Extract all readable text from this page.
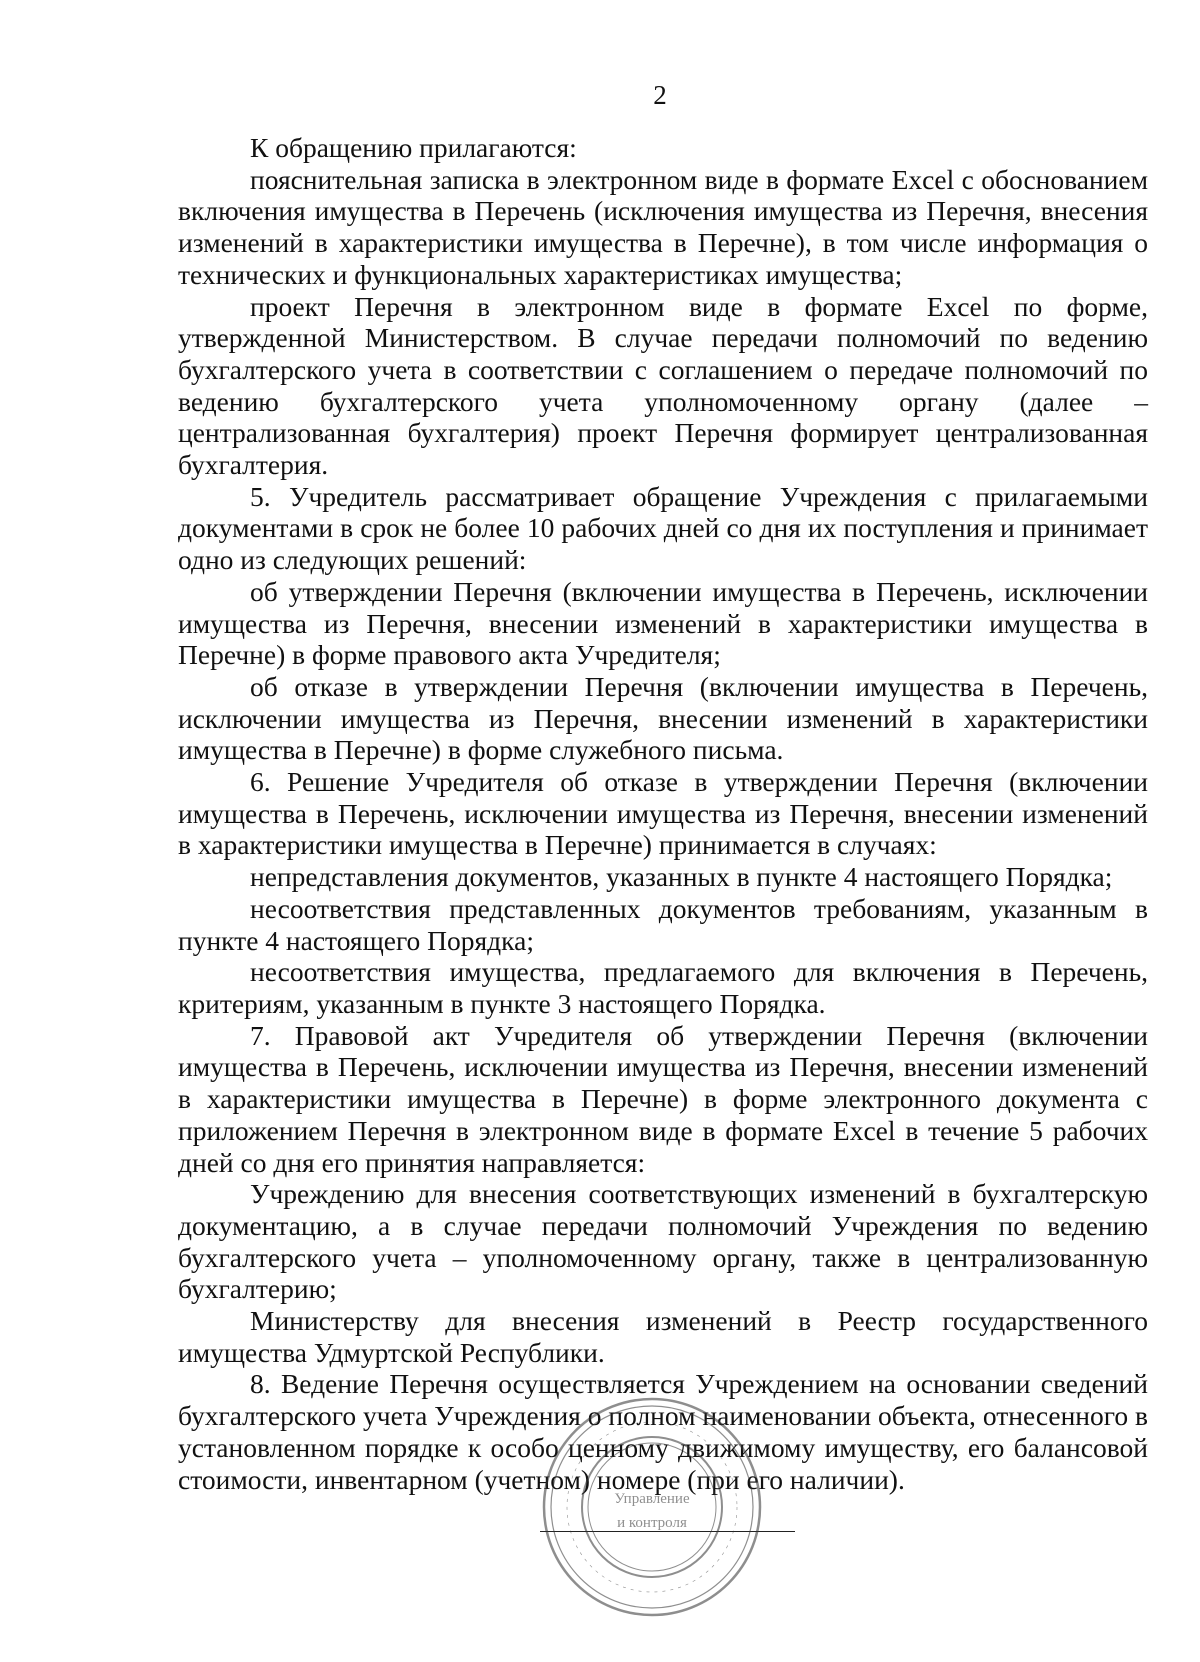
2

К обращению прилагаются:

пояснительная записка в электронном виде в формате Excel с обоснованием включения имущества в Перечень (исключения имущества из Перечня, внесения изменений в характеристики имущества в Перечне), в том числе информация о технических и функциональных характеристиках имущества;

проект Перечня в электронном виде в формате Excel по форме, утвержденной Министерством. В случае передачи полномочий по ведению бухгалтерского учета в соответствии с соглашением о передаче полномочий по ведению бухгалтерского учета уполномоченному органу (далее – централизованная бухгалтерия) проект Перечня формирует централизованная бухгалтерия.

5. Учредитель рассматривает обращение Учреждения с прилагаемыми документами в срок не более 10 рабочих дней со дня их поступления и принимает одно из следующих решений:

об утверждении Перечня (включении имущества в Перечень, исключении имущества из Перечня, внесении изменений в характеристики имущества в Перечне) в форме правового акта Учредителя;

об отказе в утверждении Перечня (включении имущества в Перечень, исключении имущества из Перечня, внесении изменений в характеристики имущества в Перечне) в форме служебного письма.

6. Решение Учредителя об отказе в утверждении Перечня (включении имущества в Перечень, исключении имущества из Перечня, внесении изменений в характеристики имущества в Перечне) принимается в случаях:

непредставления документов, указанных в пункте 4 настоящего Порядка;

несоответствия представленных документов требованиям, указанным в пункте 4 настоящего Порядка;

несоответствия имущества, предлагаемого для включения в Перечень, критериям, указанным в пункте 3 настоящего Порядка.

7. Правовой акт Учредителя об утверждении Перечня (включении имущества в Перечень, исключении имущества из Перечня, внесении изменений в характеристики имущества в Перечне) в форме электронного документа с приложением Перечня в электронном виде в формате Excel в течение 5 рабочих дней со дня его принятия направляется:

Учреждению для внесения соответствующих изменений в бухгалтерскую документацию, а в случае передачи полномочий Учреждения по ведению бухгалтерского учета – уполномоченному органу, также в централизованную бухгалтерию;

Министерству для внесения изменений в Реестр государственного имущества Удмуртской Республики.

8. Ведение Перечня осуществляется Учреждением на основании сведений бухгалтерского учета Учреждения о полном наименовании объекта, отнесенного в установленном порядке к особо ценному движимому имуществу, его балансовой стоимости, инвентарном (учетном) номере (при его наличии).

Управление
и контроля
